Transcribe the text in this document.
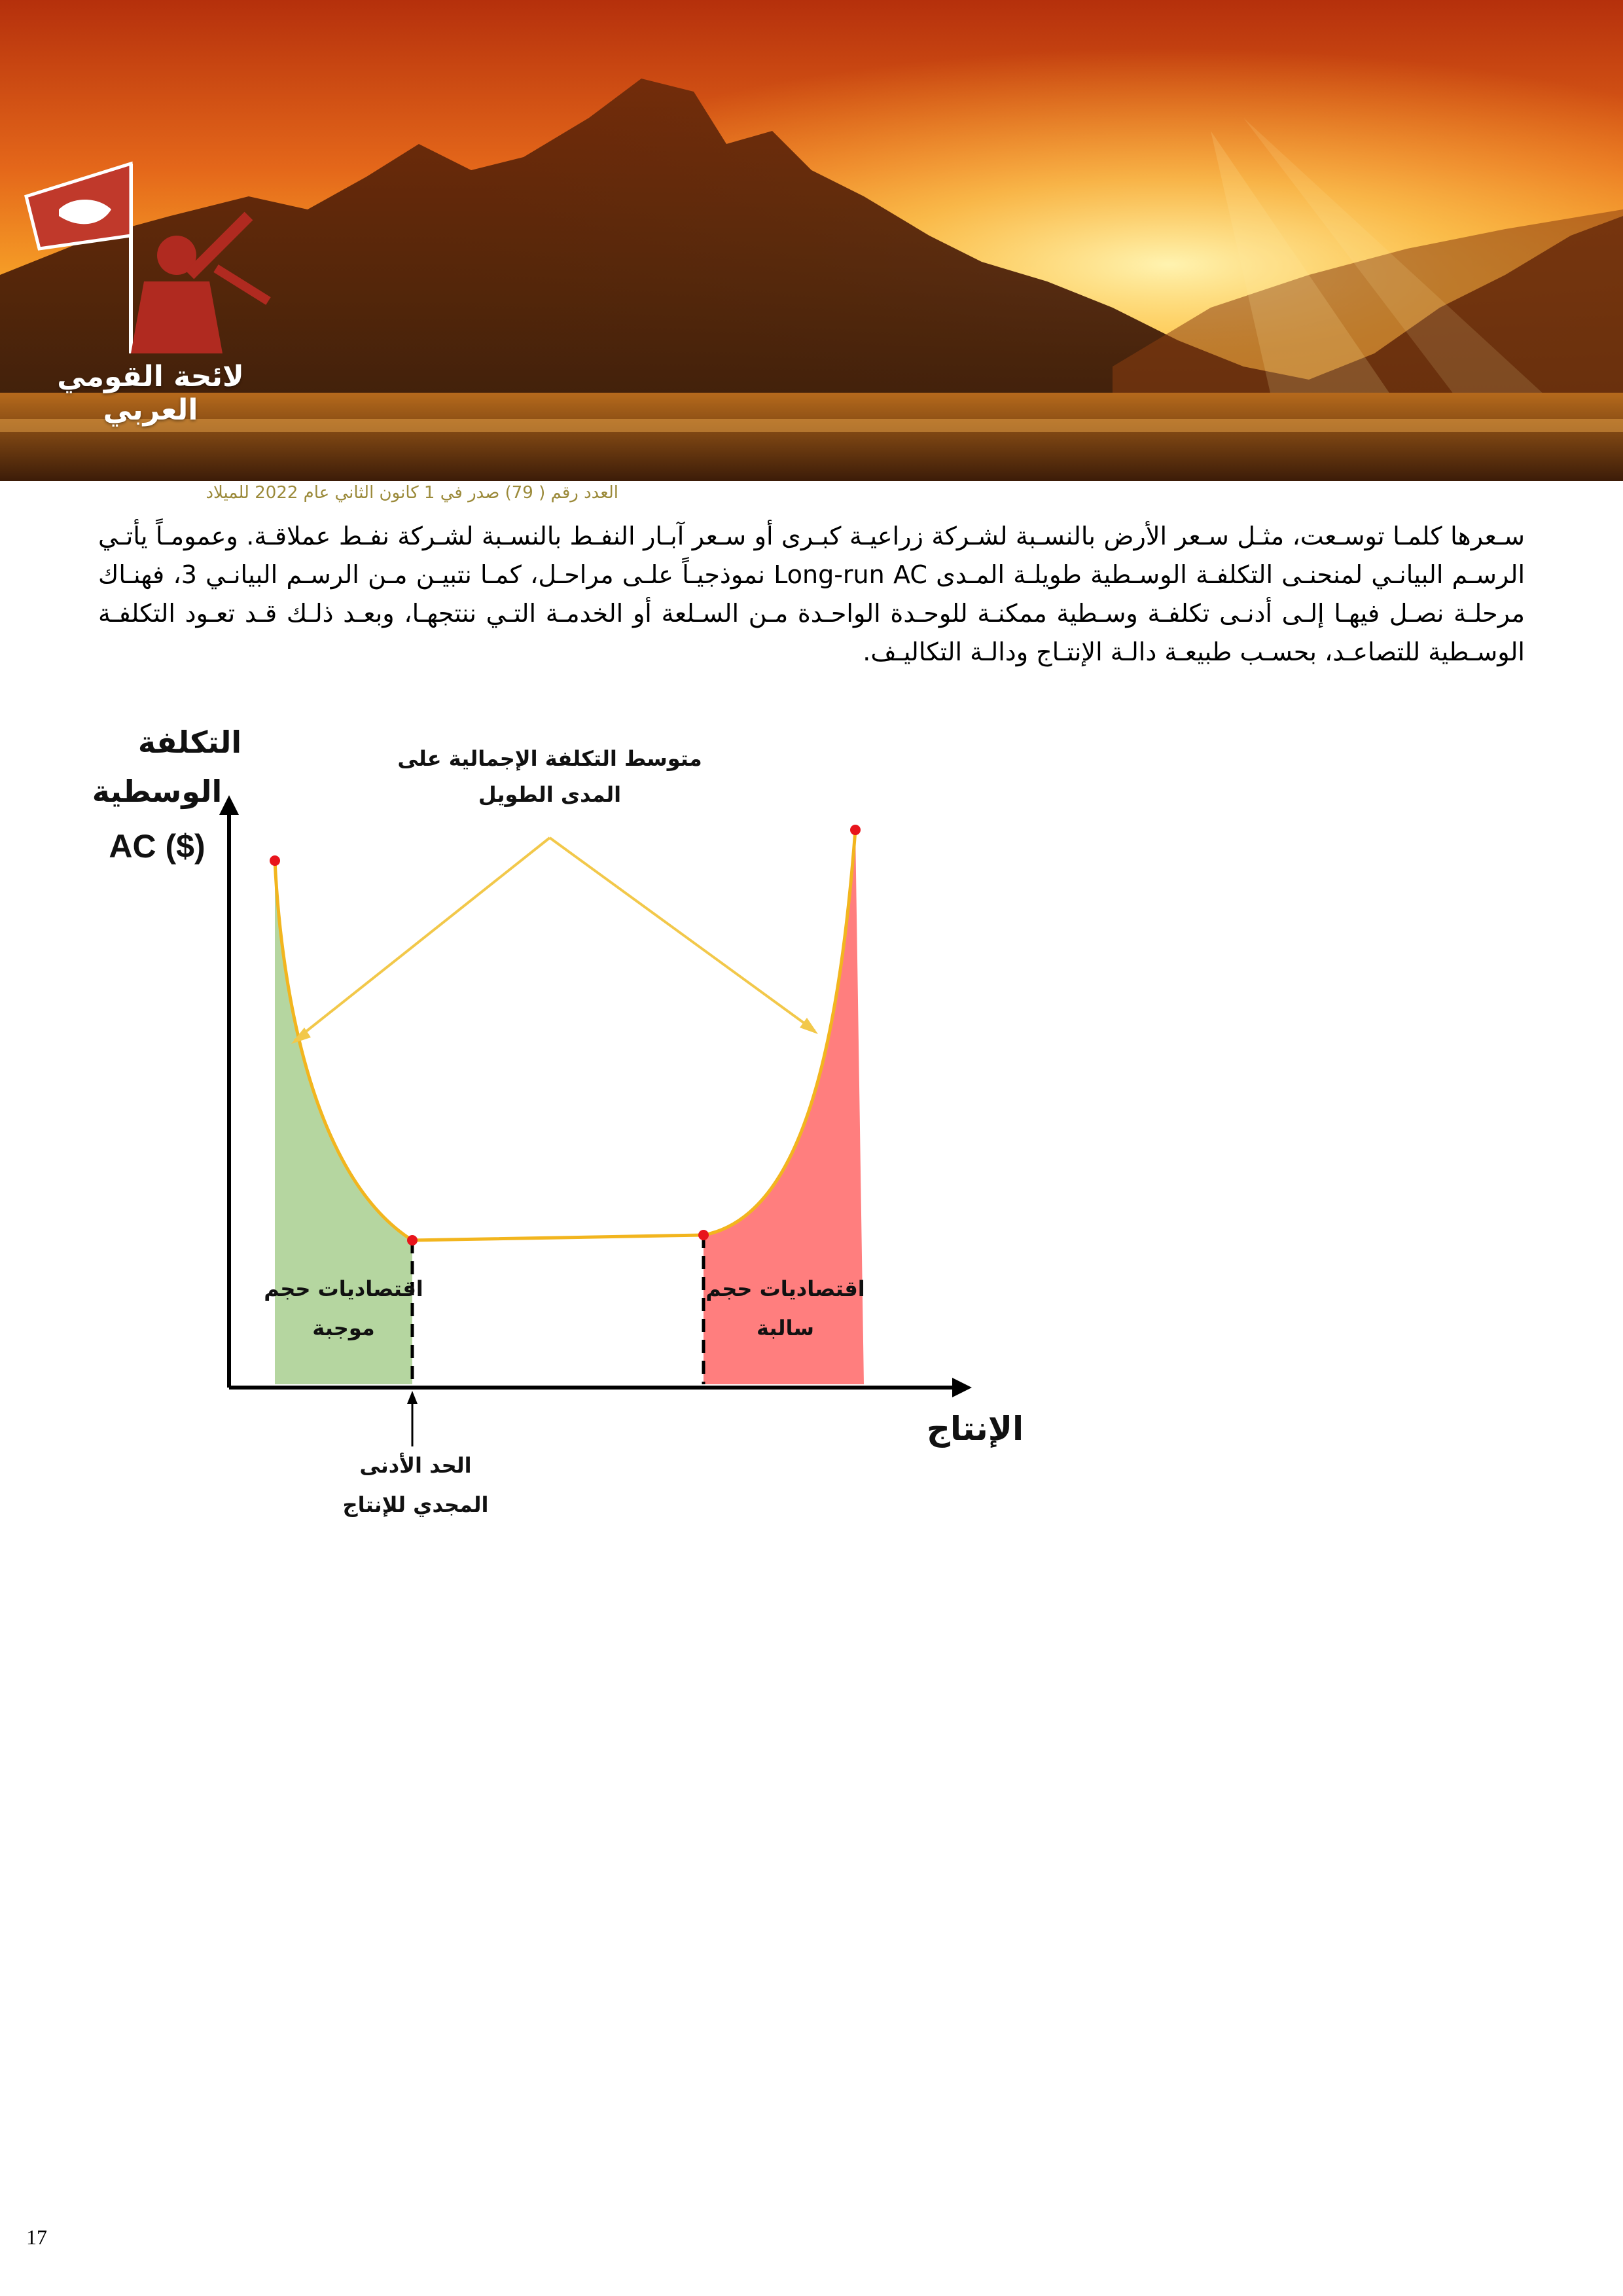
لائحة القومي العربي
العدد رقم ( 79) صدر في 1 كانون الثاني عام 2022 للميلاد

سـعرها كلمـا توسـعت، مثـل سـعر الأرض بالنسـبة لشـركة زراعيـة كبـرى أو سـعر آبـار النفـط بالنسـبة لشـركة نفـط عملاقـة. وعمومـاً يأتـي الرسـم البيانـي لمنحنـى التكلفـة الوسـطية طويلـة المـدى Long-run AC نموذجيـاً علـى مراحـل، كمـا نتبيـن مـن الرسـم البيانـي 3، فهنـاك مرحلـة نصـل فيهـا إلـى أدنـى تكلفـة وسـطية ممكنـة للوحـدة الواحـدة مـن السـلعة أو الخدمـة التـي ننتجهـا، وبعـد ذلـك قـد تعـود التكلفـة الوسـطية للتصاعـد، بحسـب طبيعـة دالـة الإنتـاج ودالـة التكاليـف.

التكلفة
الوسطية
AC ($)
متوسط التكلفة الإجمالية على
المدى الطويل
اقتصاديات حجم
موجبة
اقتصاديات حجم
سالبة
الإنتاج
الحد الأدنى
المجدي للإنتاج
17
